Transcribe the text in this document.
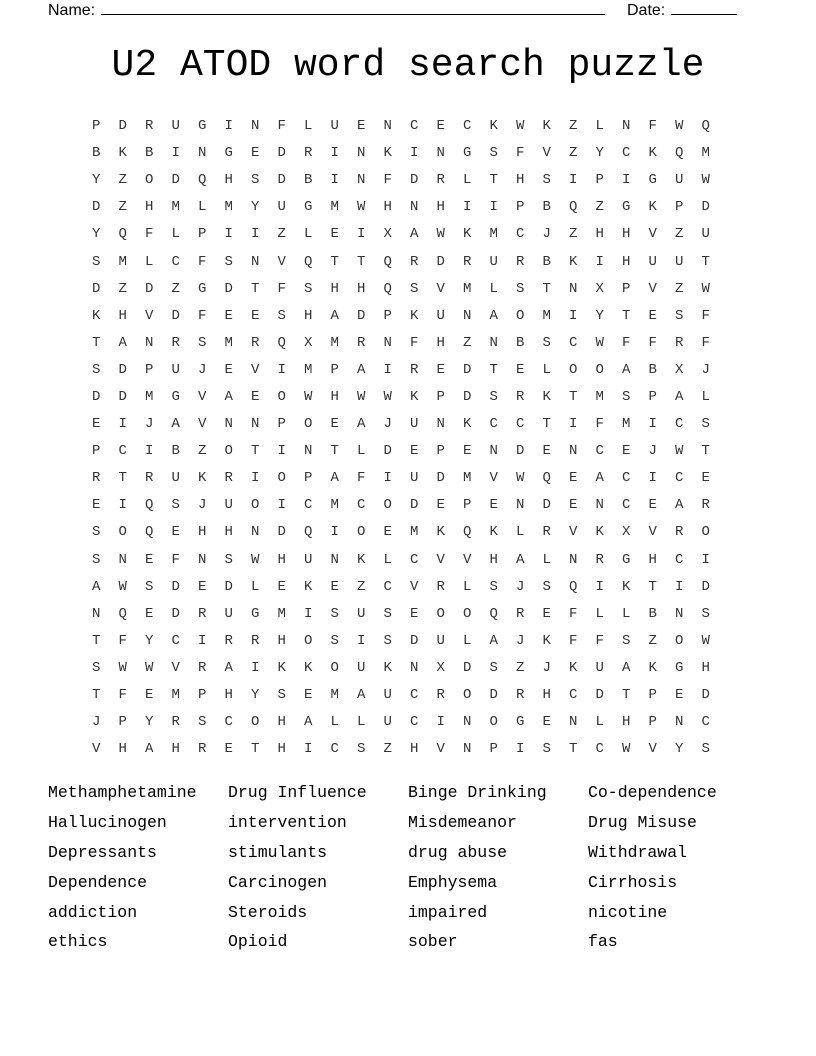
Name:	Date:
U2 ATOD word search puzzle
P	D	R	U	G	I	N	F	L	U	E	N	C	E	C	K	W	K	Z	L	N	F	W	Q
B	K	B	I	N	G	E	D	R	I	N	K	I	N	G	S	F	V	Z	Y	C	K	Q	M
Y	Z	O	D	Q	H	S	D	B	I	N	F	D	R	L	T	H	S	I	P	I	G	U	W
D	Z	H	M	L	M	Y	U	G	M	W	H	N	H	I	I	P	B	Q	Z	G	K	P	D
Y	Q	F	L	P	I	I	Z	L	E	I	X	A	W	K	M	C	J	Z	H	H	V	Z	U
S	M	L	C	F	S	N	V	Q	T	T	Q	R	D	R	U	R	B	K	I	H	U	U	T
D	Z	D	Z	G	D	T	F	S	H	H	Q	S	V	M	L	S	T	N	X	P	V	Z	W
K	H	V	D	F	E	E	S	H	A	D	P	K	U	N	A	O	M	I	Y	T	E	S	F
T	A	N	R	S	M	R	Q	X	M	R	N	F	H	Z	N	B	S	C	W	F	F	R	F
S	D	P	U	J	E	V	I	M	P	A	I	R	E	D	T	E	L	O	O	A	B	X	J
D	D	M	G	V	A	E	O	W	H	W	W	K	P	D	S	R	K	T	M	S	P	A	L
E	I	J	A	V	N	N	P	O	E	A	J	U	N	K	C	C	T	I	F	M	I	C	S
P	C	I	B	Z	O	T	I	N	T	L	D	E	P	E	N	D	E	N	C	E	J	W	T
R	T	R	U	K	R	I	O	P	A	F	I	U	D	M	V	W	Q	E	A	C	I	C	E
E	I	Q	S	J	U	O	I	C	M	C	O	D	E	P	E	N	D	E	N	C	E	A	R
S	O	Q	E	H	H	N	D	Q	I	O	E	M	K	Q	K	L	R	V	K	X	V	R	O
S	N	E	F	N	S	W	H	U	N	K	L	C	V	V	H	A	L	N	R	G	H	C	I
A	W	S	D	E	D	L	E	K	E	Z	C	V	R	L	S	J	S	Q	I	K	T	I	D
N	Q	E	D	R	U	G	M	I	S	U	S	E	O	O	Q	R	E	F	L	L	B	N	S
T	F	Y	C	I	R	R	H	O	S	I	S	D	U	L	A	J	K	F	F	S	Z	O	W
S	W	W	V	R	A	I	K	K	O	U	K	N	X	D	S	Z	J	K	U	A	K	G	H
T	F	E	M	P	H	Y	S	E	M	A	U	C	R	O	D	R	H	C	D	T	P	E	D
J	P	Y	R	S	C	O	H	A	L	L	U	C	I	N	O	G	E	N	L	H	P	N	C
V	H	A	H	R	E	T	H	I	C	S	Z	H	V	N	P	I	S	T	C	W	V	Y	S
Methamphetamine	Drug Influence	Binge Drinking	Co-dependence
Hallucinogen	intervention	Misdemeanor	Drug Misuse
Depressants	stimulants	drug abuse	Withdrawal
Dependence	Carcinogen	Emphysema	Cirrhosis
addiction	Steroids	impaired	nicotine
ethics	Opioid	sober	fas
